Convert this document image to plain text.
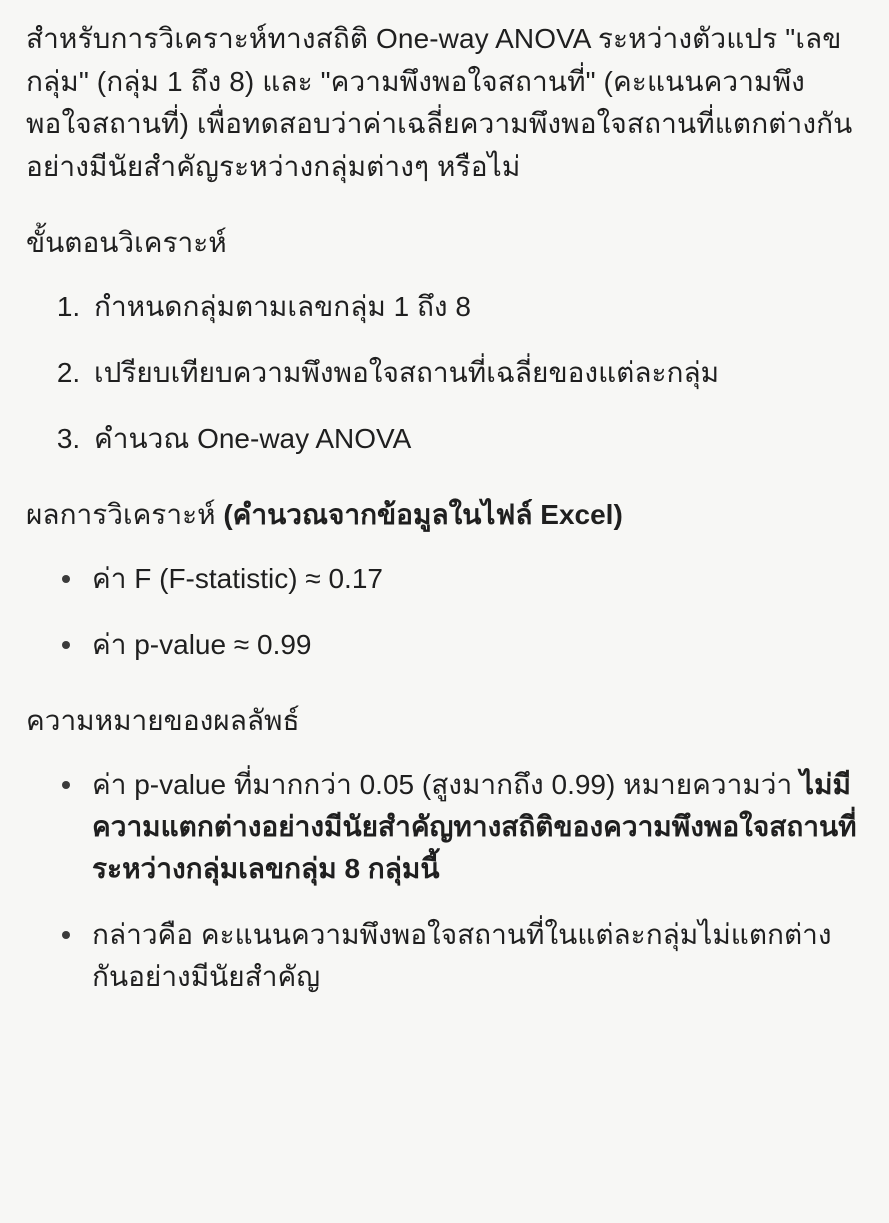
สำหรับการวิเคราะห์ทางสถิติ One-way ANOVA ระหว่างตัวแปร "เลขกลุ่ม" (กลุ่ม 1 ถึง 8) และ "ความพึงพอใจสถานที่" (คะแนนความพึงพอใจสถานที่) เพื่อทดสอบว่าค่าเฉลี่ยความพึงพอใจสถานที่แตกต่างกันอย่างมีนัยสำคัญระหว่างกลุ่มต่างๆ หรือไม่

ขั้นตอนวิเคราะห์

1. กำหนดกลุ่มตามเลขกลุ่ม 1 ถึง 8
2. เปรียบเทียบความพึงพอใจสถานที่เฉลี่ยของแต่ละกลุ่ม
3. คำนวณ One-way ANOVA

ผลการวิเคราะห์ (คำนวณจากข้อมูลในไฟล์ Excel)

ค่า F (F-statistic) ≈ 0.17
ค่า p-value ≈ 0.99

ความหมายของผลลัพธ์

ค่า p-value ที่มากกว่า 0.05 (สูงมากถึง 0.99) หมายความว่า ไม่มีความแตกต่างอย่างมีนัยสำคัญทางสถิติของความพึงพอใจสถานที่ระหว่างกลุ่มเลขกลุ่ม 8 กลุ่มนี้
กล่าวคือ คะแนนความพึงพอใจสถานที่ในแต่ละกลุ่มไม่แตกต่างกันอย่างมีนัยสำคัญ
